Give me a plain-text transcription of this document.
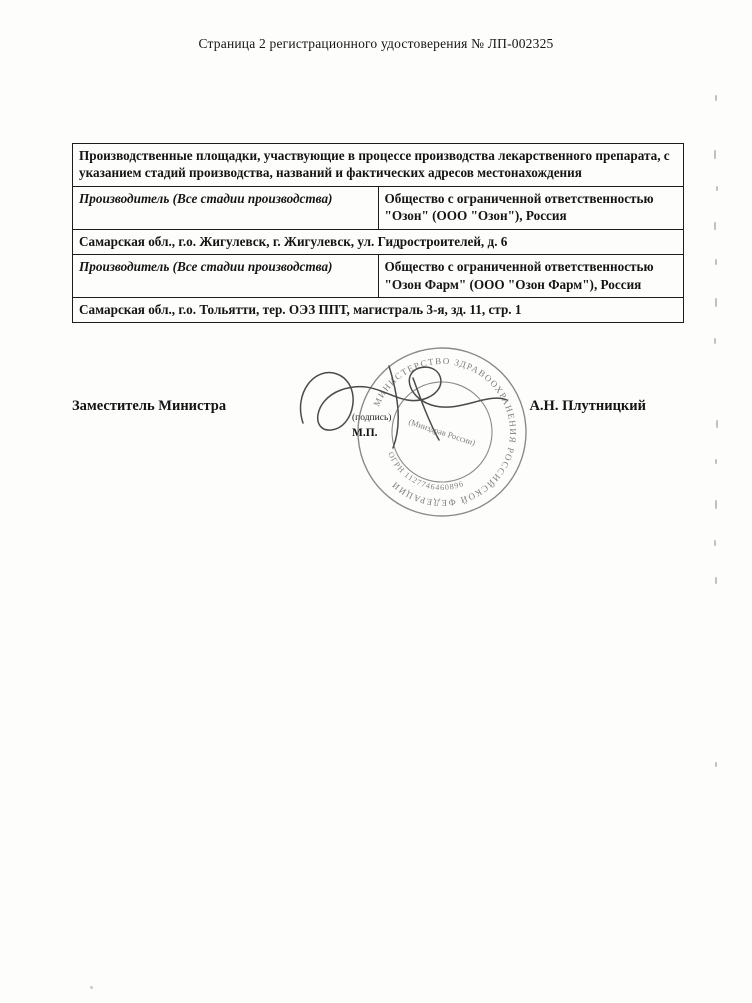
Страница 2 регистрационного удостоверения № ЛП-002325
Производственные площадки, участвующие в процессе производства лекарственного препарата, с указанием стадий производства, названий и фактических адресов местонахождения	
Производитель (Все стадии производства)	Общество с ограниченной ответственностью "Озон" (ООО "Озон"), Россия
Самарская обл., г.о. Жигулевск, г. Жигулевск, ул. Гидростроителей, д. 6	
Производитель (Все стадии производства)	Общество с ограниченной ответственностью "Озон Фарм" (ООО "Озон Фарм"), Россия
Самарская обл., г.о. Тольятти, тер. ОЭЗ ППТ, магистраль 3-я, зд. 11, стр. 1	
Заместитель Министра	А.Н. Плутницкий
(подпись)
М.П.
МИНИСТЕРСТВО ЗДРАВООХРАНЕНИЯ РОССИЙСКОЙ ФЕДЕРАЦИИ
ОГРН 1127746460896
(Минздрав России)
